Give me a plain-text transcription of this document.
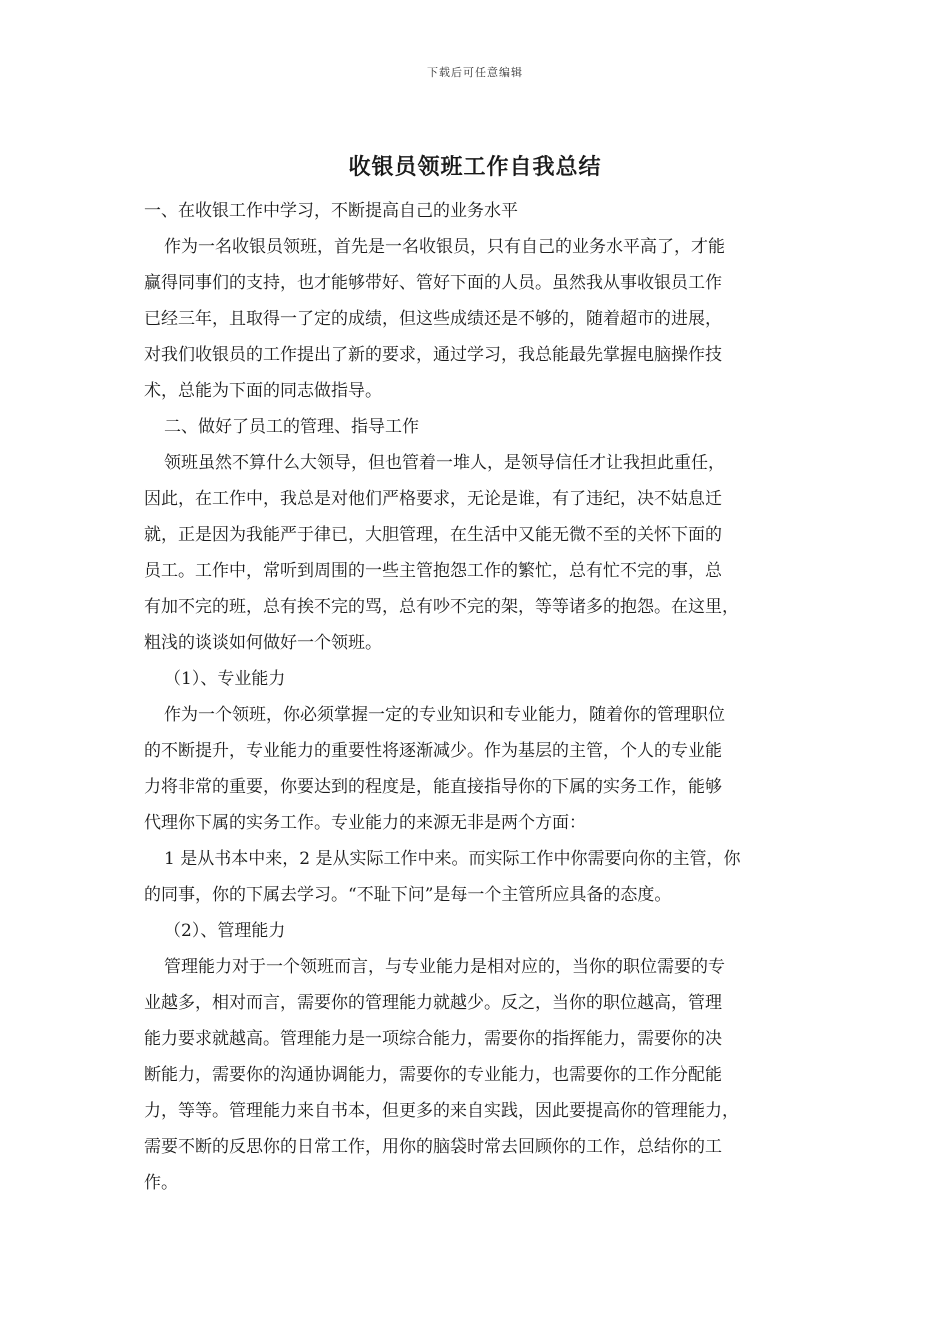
下载后可任意编辑
收银员领班工作自我总结

一、在收银工作中学习，不断提高自己的业务水平

作为一名收银员领班，首先是一名收银员，只有自己的业务水平高了，才能

赢得同事们的支持，也才能够带好、管好下面的人员。虽然我从事收银员工作

已经三年，且取得一了定的成绩，但这些成绩还是不够的，随着超市的进展，

对我们收银员的工作提出了新的要求，通过学习，我总能最先掌握电脑操作技

术，总能为下面的同志做指导。

二、做好了员工的管理、指导工作

领班虽然不算什么大领导，但也管着一堆人，是领导信任才让我担此重任，

因此，在工作中，我总是对他们严格要求，无论是谁，有了违纪，决不姑息迁

就，正是因为我能严于律已，大胆管理，在生活中又能无微不至的关怀下面的

员工。工作中，常听到周围的一些主管抱怨工作的繁忙，总有忙不完的事，总

有加不完的班，总有挨不完的骂，总有吵不完的架，等等诸多的抱怨。在这里，

粗浅的谈谈如何做好一个领班。

（1）、专业能力

作为一个领班，你必须掌握一定的专业知识和专业能力，随着你的管理职位

的不断提升，专业能力的重要性将逐渐减少。作为基层的主管，个人的专业能

力将非常的重要，你要达到的程度是，能直接指导你的下属的实务工作，能够

代理你下属的实务工作。专业能力的来源无非是两个方面：

1 是从书本中来，2 是从实际工作中来。而实际工作中你需要向你的主管，你

的同事，你的下属去学习。“不耻下问”是每一个主管所应具备的态度。

（2）、管理能力

管理能力对于一个领班而言，与专业能力是相对应的，当你的职位需要的专

业越多，相对而言，需要你的管理能力就越少。反之，当你的职位越高，管理

能力要求就越高。管理能力是一项综合能力，需要你的指挥能力，需要你的决

断能力，需要你的沟通协调能力，需要你的专业能力，也需要你的工作分配能

力，等等。管理能力来自书本，但更多的来自实践，因此要提高你的管理能力，

需要不断的反思你的日常工作，用你的脑袋时常去回顾你的工作，总结你的工

作。
